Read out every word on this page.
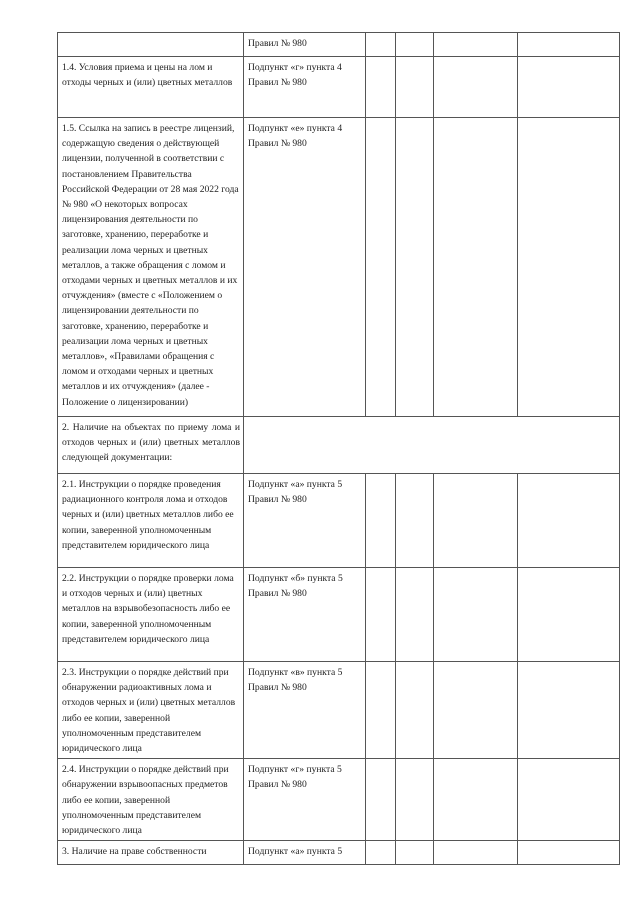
	Правил № 980				
1.4. Условия приема и цены на лом и отходы черных и (или) цветных металлов	Подпункт «г» пункта 4 Правил № 980				
1.5. Ссылка на запись в реестре лицензий, содержащую сведения о действующей лицензии, полученной в соответствии с постановлением Правительства Российской Федерации от 28 мая 2022 года № 980 «О некоторых вопросах лицензирования деятельности по заготовке, хранению, переработке и реализации лома черных и цветных металлов, а также обращения с ломом и отходами черных и цветных металлов и их отчуждения» (вместе с «Положением о лицензировании деятельности по заготовке, хранению, переработке и реализации лома черных и цветных металлов», «Правилами обращения с ломом и отходами черных и цветных металлов и их отчуждения» (далее - Положение о лицензировании)	Подпункт «е» пункта 4 Правил № 980				
2. Наличие на объектах по приему лома и отходов черных и (или) цветных металлов следующей документации:					
2.1. Инструкции о порядке проведения радиационного контроля лома и отходов черных и (или) цветных металлов либо ее копии, заверенной уполномоченным представителем юридического лица	Подпункт «а» пункта 5 Правил № 980				
2.2. Инструкции о порядке проверки лома и отходов черных и (или) цветных металлов на взрывобезопасность либо ее копии, заверенной уполномоченным представителем юридического лица	Подпункт «б» пункта 5 Правил № 980				
2.3. Инструкции о порядке действий при обнаружении радиоактивных лома и отходов черных и (или) цветных металлов либо ее копии, заверенной уполномоченным представителем юридического лица	Подпункт «в» пункта 5 Правил № 980				
2.4. Инструкции о порядке действий при обнаружении взрывоопасных предметов либо ее копии, заверенной уполномоченным представителем юридического лица	Подпункт «г» пункта 5 Правил № 980				
3. Наличие на праве собственности	Подпункт «а» пункта 5				
